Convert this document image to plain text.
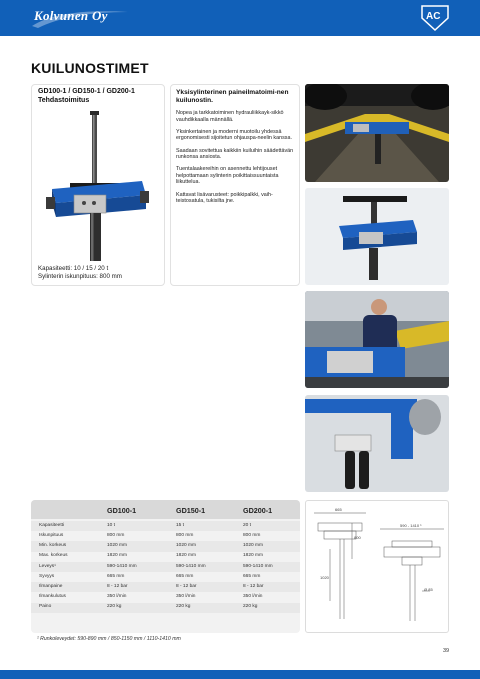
Kolvunen Oy	AC
KUILUNOSTIMET
GD100-1 / GD150-1 / GD200-1 Tehdastoimitus
Kapasiteetti: 10 / 15 / 20 t
Sylinterin iskunpituus: 800 mm
Yksisylinterinen paineilmatoimi-nen kuilunostin.

Nopea ja tarkkatoiminen hydrauliikkayk-sikkö vauhdikkaalla männällä.

Yksinkertainen ja moderni muotoilu yhdessä ergonomisesti sijoitetun ohjauspa-neelin kanssa.

Saadaan sovitettua kaikkiin kuiluihin säädettävän runkonsa ansiosta.

Tuentalaakereihin on asennettu lehtijouset helpottamaan sylinterin poikittaissuuntaista liikuttelua.

Kattavat lisävarusteet: poikkipalkki, vaih-teistosatula, tukisilta jne.

GD100-1	GD150-1	GD200-1
Kapasiteetti	10 t	15 t	20 t
Iskunpituus	800 mm	800 mm	800 mm
Min. korkeus	1020 mm	1020 mm	1020 mm
Max. korkeus	1820 mm	1820 mm	1820 mm
Leveys¹	590-1410 mm	590-1410 mm	590-1410 mm
Syvyys	665 mm	665 mm	665 mm
Ilmanpaine	8 - 12 bar	8 - 12 bar	8 - 12 bar
Ilmankulutus	350 l/min	350 l/min	350 l/min
Paino	220 kg	220 kg	220 kg
¹ Runkoleveydet: 590-890 mm / 850-1150 mm / 1110-1410 mm
665
590 - 1410 ¹
800
1020
Ø 85
39
